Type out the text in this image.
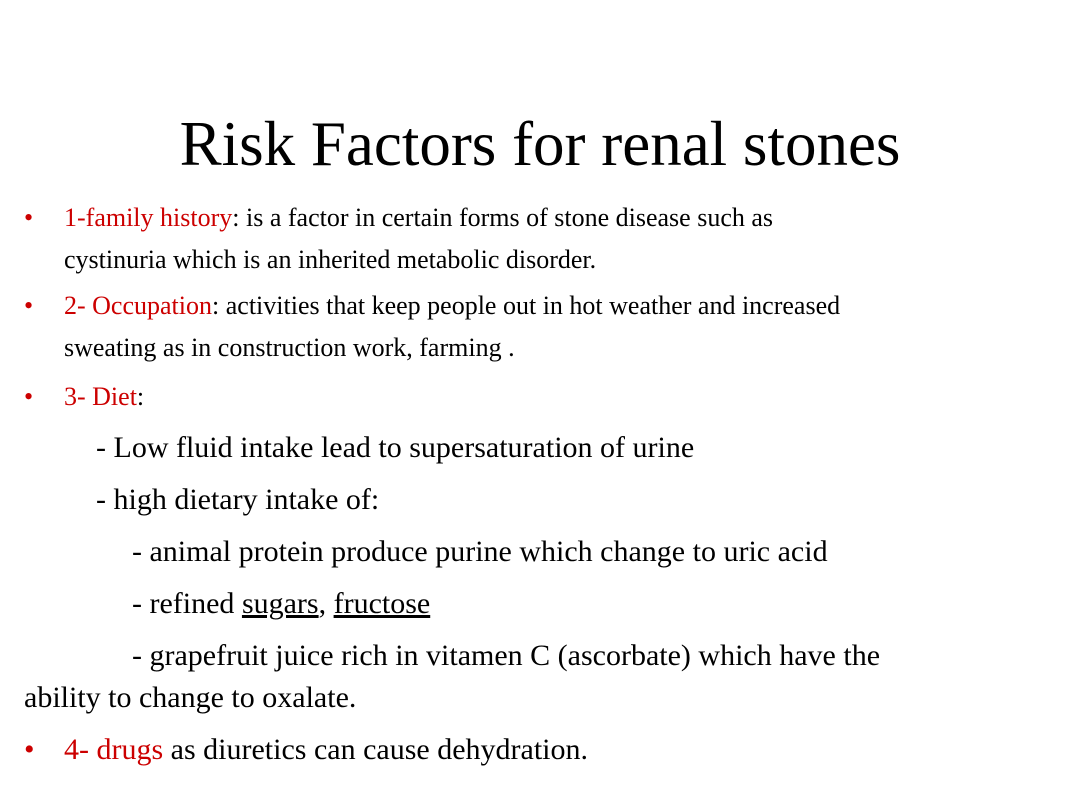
Risk Factors for renal stones
• 1-family history: is a factor in certain forms of stone disease such as
cystinuria which is an inherited metabolic disorder.
• 2- Occupation: activities that keep people out in hot weather and increased
sweating as in construction work, farming .
• 3- Diet:
- Low fluid intake lead to supersaturation of urine
- high dietary intake of:
- animal protein produce purine which change to uric acid
- refined sugars, fructose
- grapefruit juice rich in vitamen C (ascorbate) which have the
ability to change to oxalate.
• 4- drugs as diuretics can cause dehydration.
